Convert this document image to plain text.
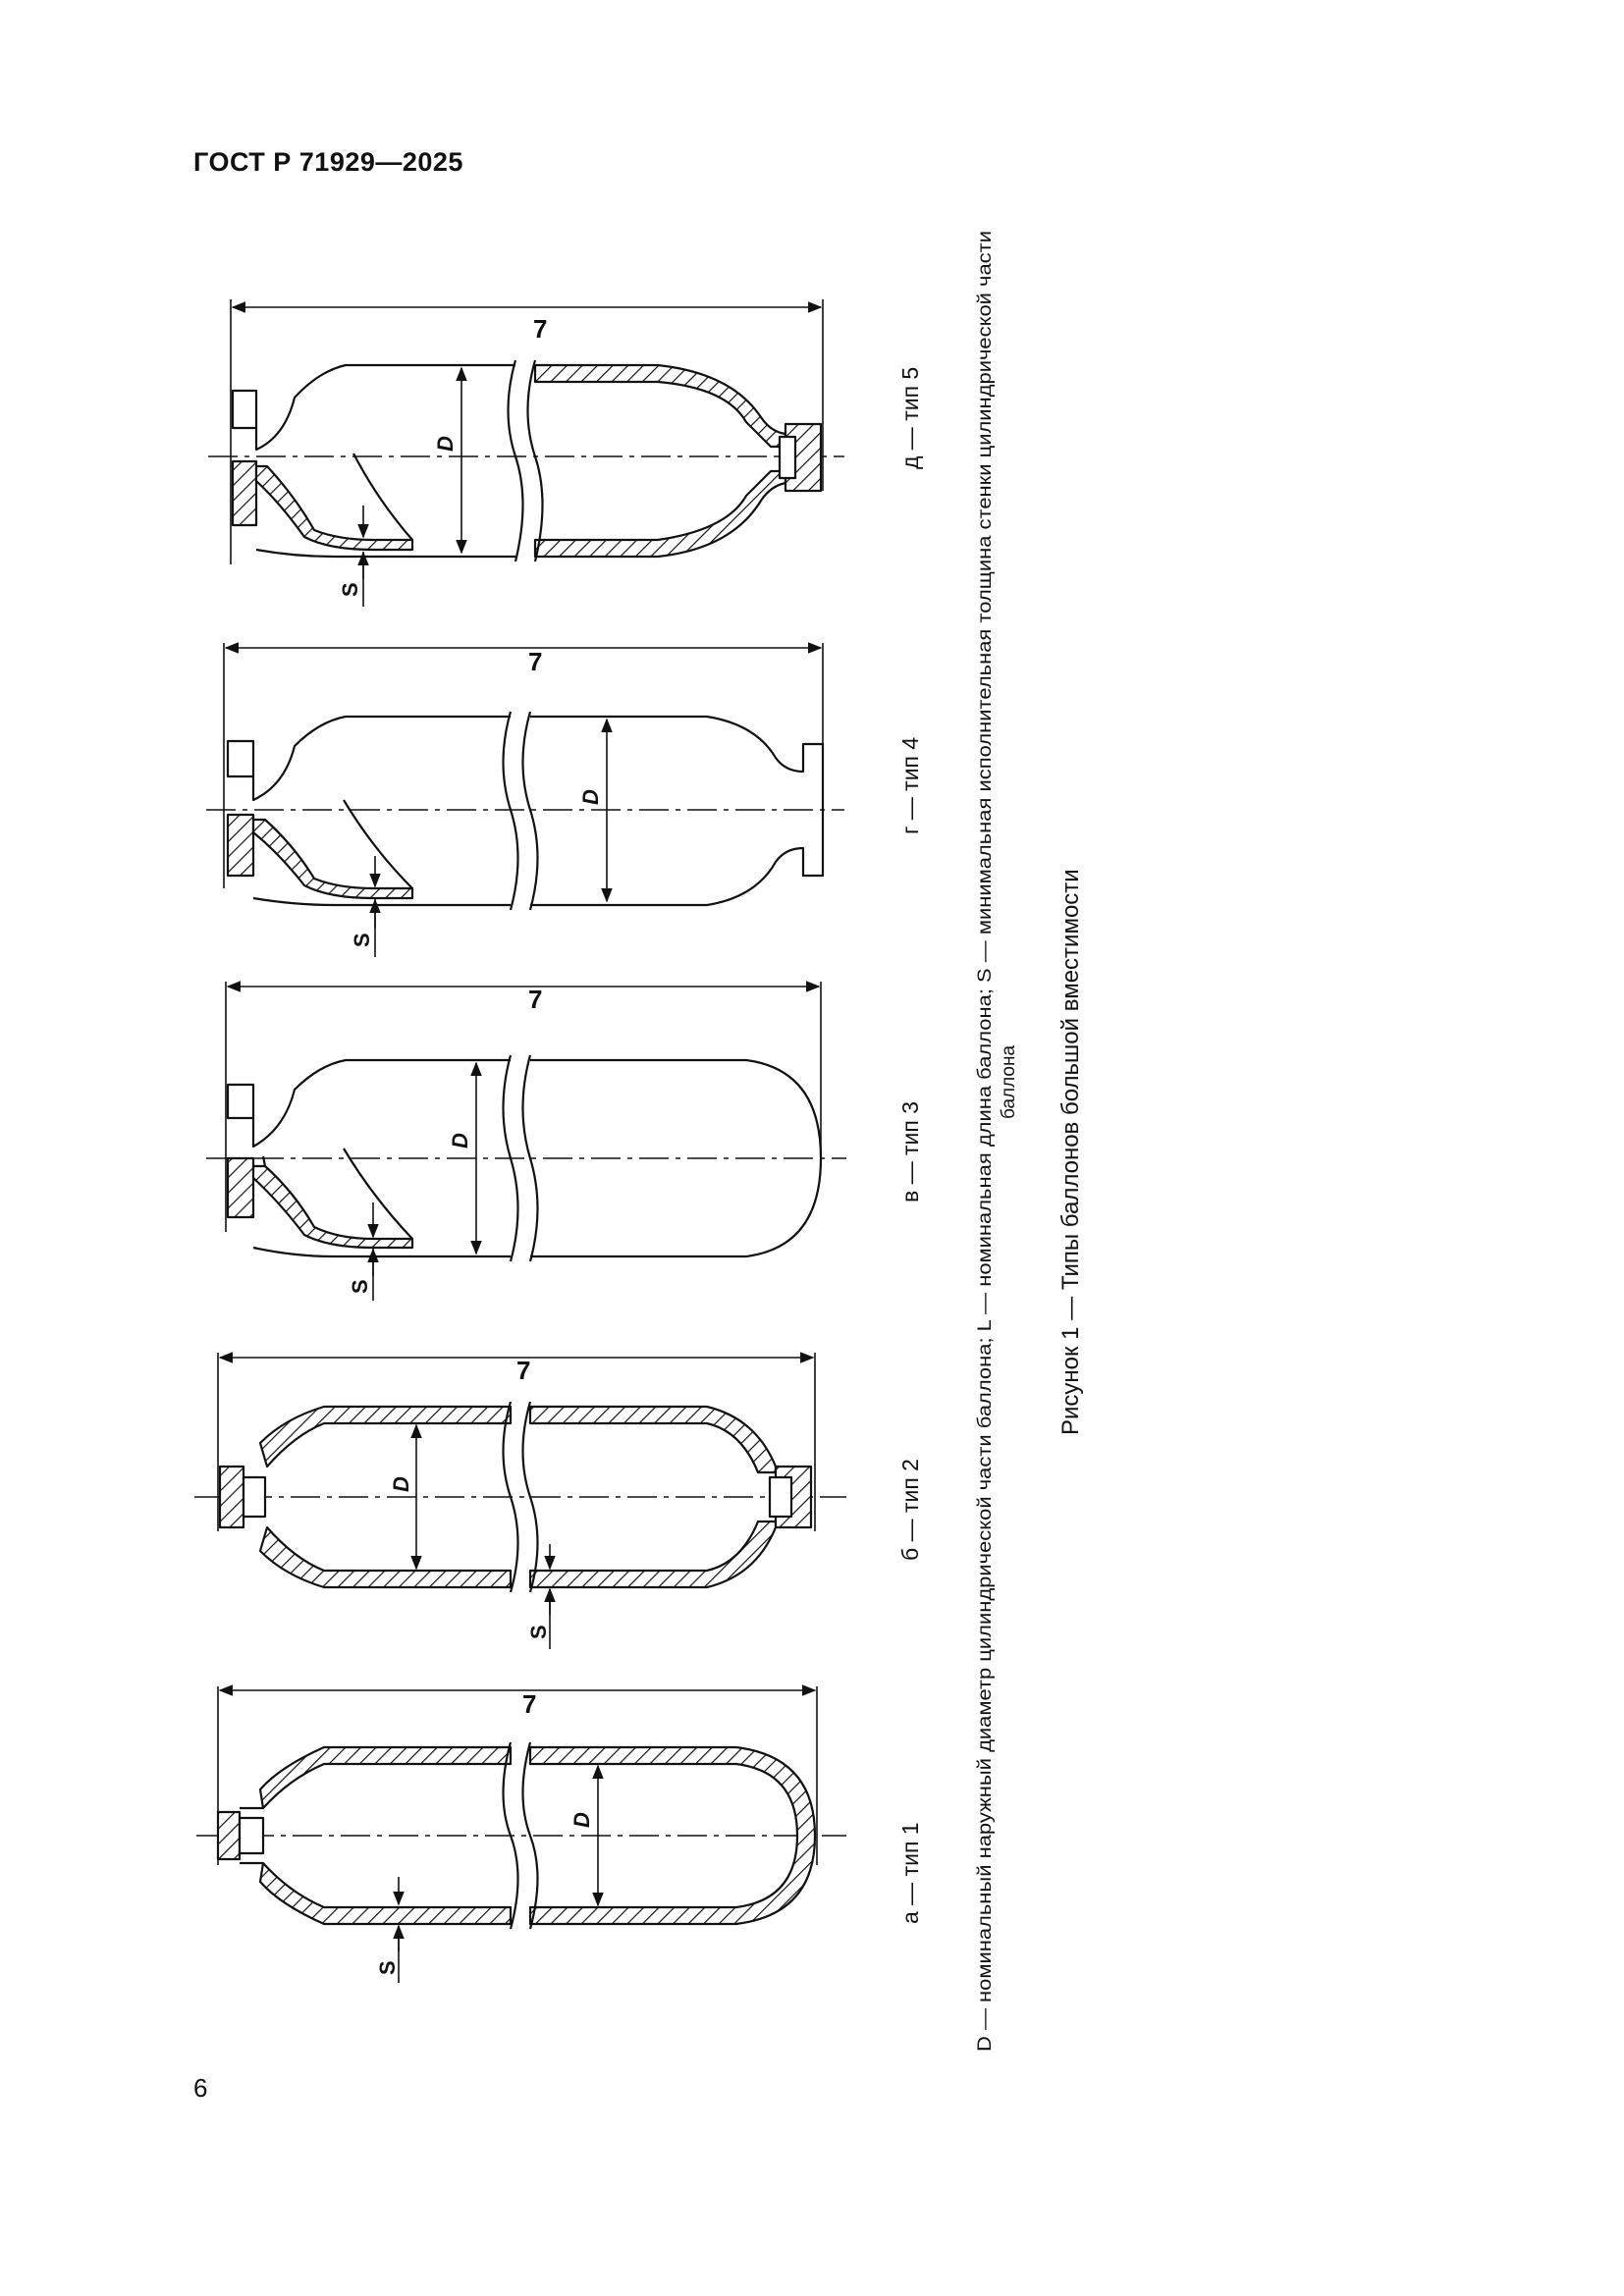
ГОСТ Р 71929—2025
6
7
7
7
7
7
D
D
D
D
D
S
S
S
S
S
а — тип 1
б — тип 2
в — тип 3
г — тип 4
д — тип 5
D — номинальный наружный диаметр цилиндрической части баллона; L — номинальная длина баллона; S — минимальная исполнительная толщина стенки цилиндрической части баллона Рисунок 1 — Типы баллонов большой вместимости
